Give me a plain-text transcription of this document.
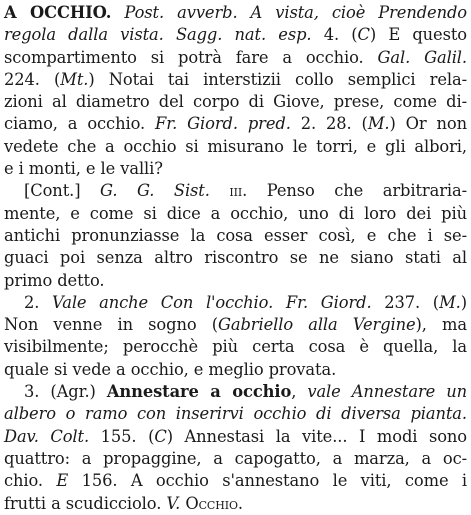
A OCCHIO. Post. avverb. A vista, cioè Prendendo
regola dalla vista. Sagg. nat. esp. 4. (C) E questo
scompartimento si potrà fare a occhio. Gal. Galil.
224. (Mt.) Notai tai interstizii collo semplici rela-
zioni al diametro del corpo di Giove, prese, come di-
ciamo, a occhio. Fr. Giord. pred. 2. 28. (M.) Or non
vedete che a occhio si misurano le torri, e gli albori,
e i monti, e le valli?
[Cont.] G. G. Sist. iii. Penso che arbitraria-
mente, e come si dice a occhio, uno di loro dei più
antichi pronunziasse la cosa esser così, e che i se-
guaci poi senza altro riscontro se ne siano stati al
primo detto.
2. Vale anche Con l'occhio. Fr. Giord. 237. (M.)
Non venne in sogno (Gabriello alla Vergine), ma
visibilmente; perocchè più certa cosa è quella, la
quale si vede a occhio, e meglio provata.
3. (Agr.) Annestare a occhio, vale Annestare un
albero o ramo con inserirvi occhio di diversa pianta.
Dav. Colt. 155. (C) Annestasi la vite... I modi sono
quattro: a propaggine, a capogatto, a marza, a oc-
chio. E 156. A occhio s'annestano le viti, come i
frutti a scudicciolo. V. Occhio.
